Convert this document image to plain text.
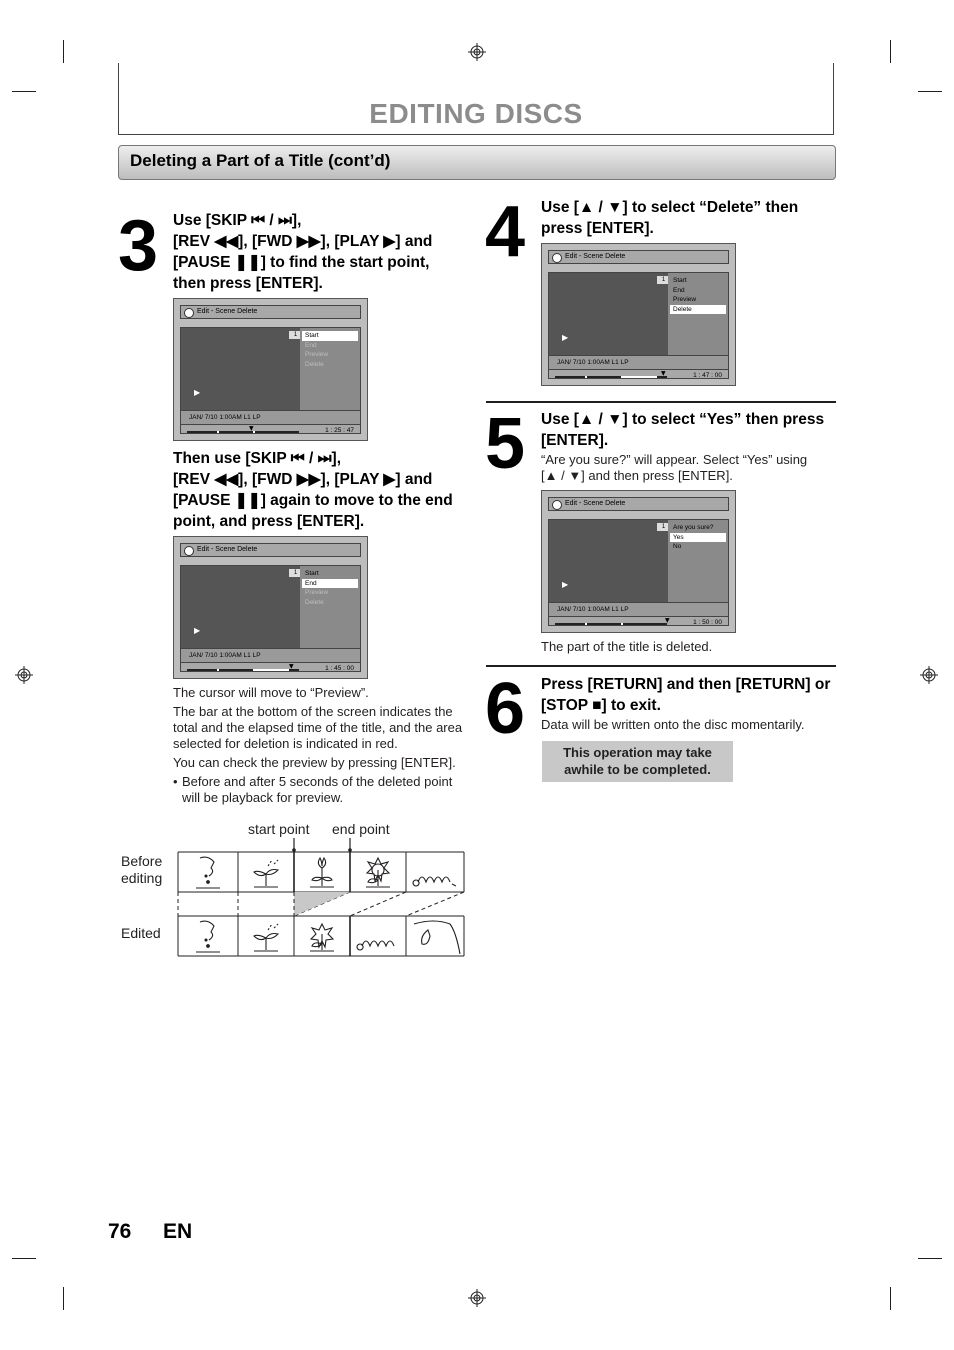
EDITING DISCS
Deleting a Part of a Title (cont’d)
3 Use [SKIP ⏮ / ⏭],
[REV ◀◀], [FWD ▶▶], [PLAY ▶] and
[PAUSE ❚❚] to find the start point,
then press [ENTER].
Edit - Scene Delete
1
▶
Start
End
Preview
Delete
JAN/ 7/10 1:00AM L1 LP
▼	1 : 25 : 47
Then use [SKIP ⏮ / ⏭],
[REV ◀◀], [FWD ▶▶], [PLAY ▶] and
[PAUSE ❚❚] again to move to the end
point, and press [ENTER].
Edit - Scene Delete
1
▶
Start
End
Preview
Delete
JAN/ 7/10 1:00AM L1 LP
▼	1 : 45 : 00
The cursor will move to “Preview”.
The bar at the bottom of the screen indicates the total and the elapsed time of the title, and the area selected for deletion is indicated in red.
You can check the preview by pressing [ENTER].
• Before and after 5 seconds of the deleted point will be playback for preview.
start point end point
Before
editing
Edited
4 Use [▲ / ▼] to select “Delete” then
press [ENTER].
Edit - Scene Delete
1
▶
Start
End
Preview
Delete
JAN/ 7/10 1:00AM L1 LP
▼	1 : 47 : 00
5 Use [▲ / ▼] to select “Yes” then press
[ENTER].
“Are you sure?” will appear. Select “Yes” using
[▲ / ▼] and then press [ENTER].
Edit - Scene Delete
1
▶
Are you sure?
Yes
No
JAN/ 7/10 1:00AM L1 LP
▼	1 : 50 : 00
The part of the title is deleted.
6 Press [RETURN] and then [RETURN] or
[STOP ■] to exit.
Data will be written onto the disc momentarily.
This operation may take
awhile to be completed.
76 EN
